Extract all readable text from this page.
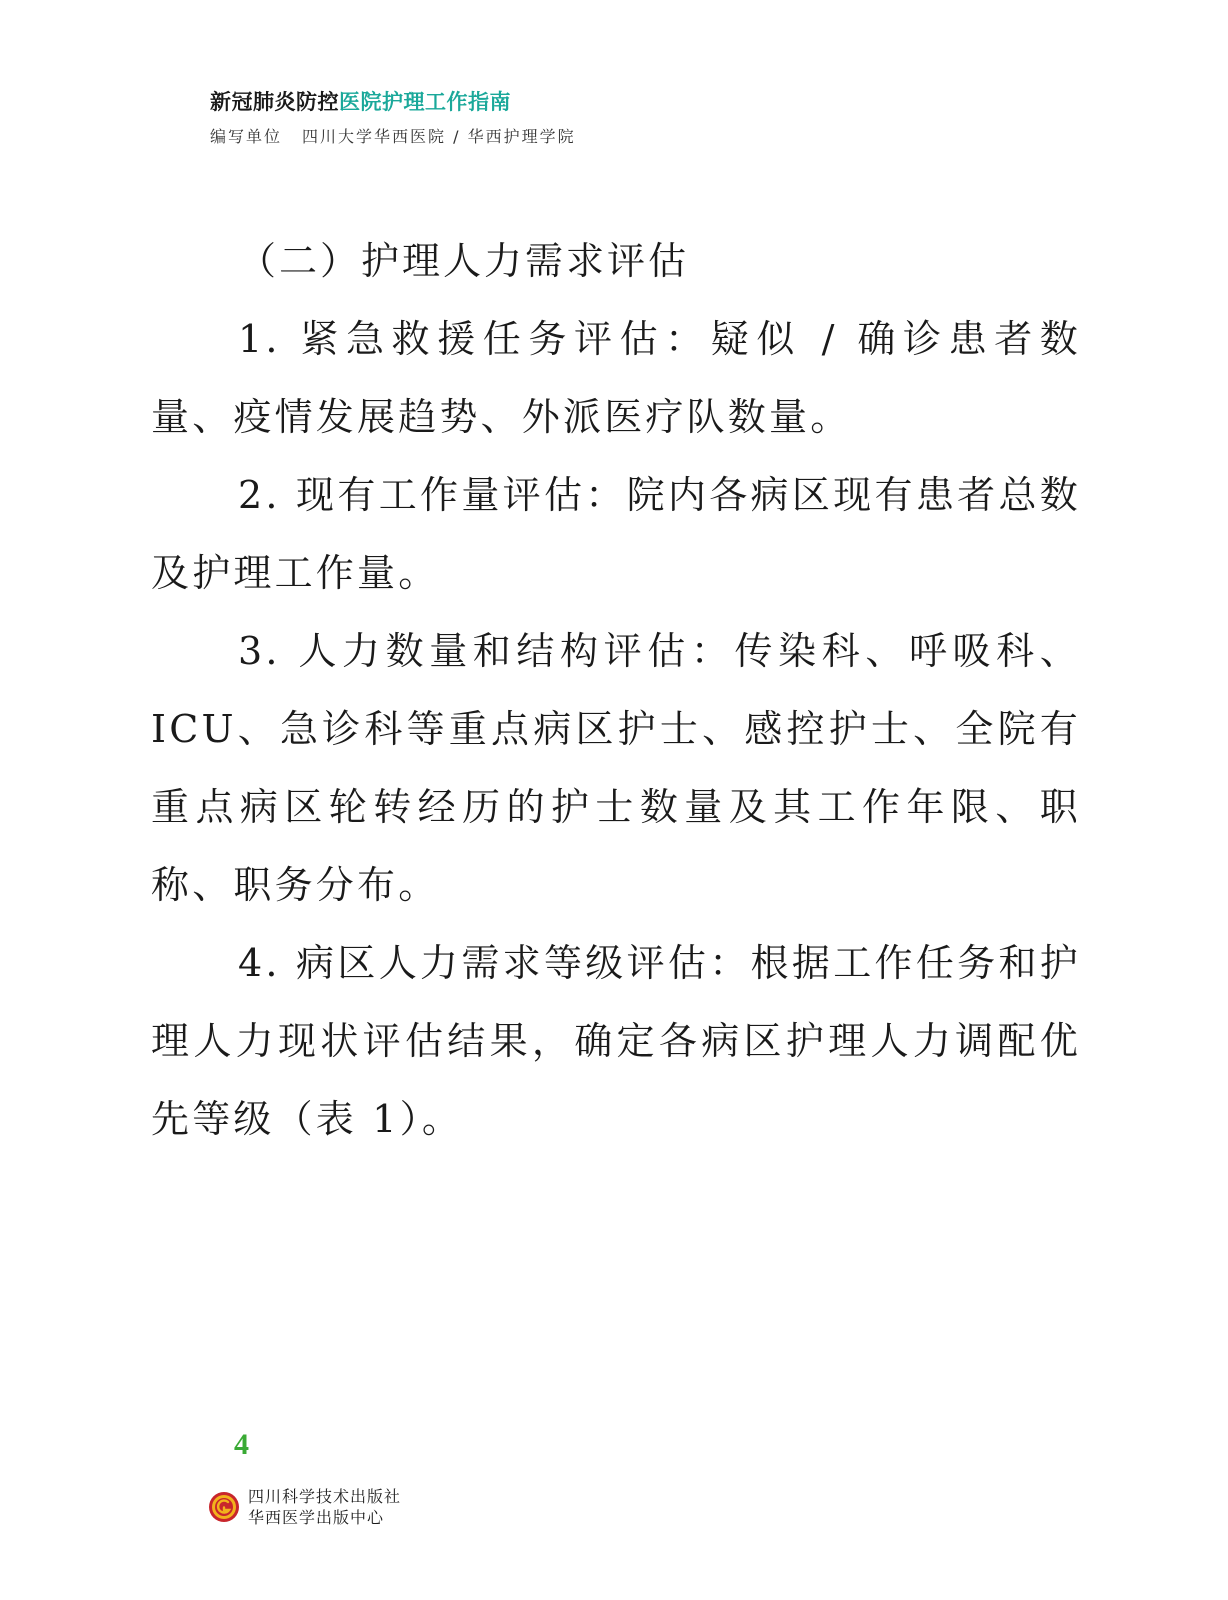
新冠肺炎防控医院护理工作指南
编写单位 四川大学华西医院 / 华西护理学院
（二）护理人力需求评估

1. 紧急救援任务评估：疑似 / 确诊患者数量、疫情发展趋势、外派医疗队数量。

2. 现有工作量评估：院内各病区现有患者总数及护理工作量。

3. 人力数量和结构评估：传染科、呼吸科、ICU、急诊科等重点病区护士、感控护士、全院有重点病区轮转经历的护士数量及其工作年限、职称、职务分布。

4. 病区人力需求等级评估：根据工作任务和护理人力现状评估结果，确定各病区护理人力调配优先等级（表 1）。

4
四川科学技术出版社
华西医学出版中心
